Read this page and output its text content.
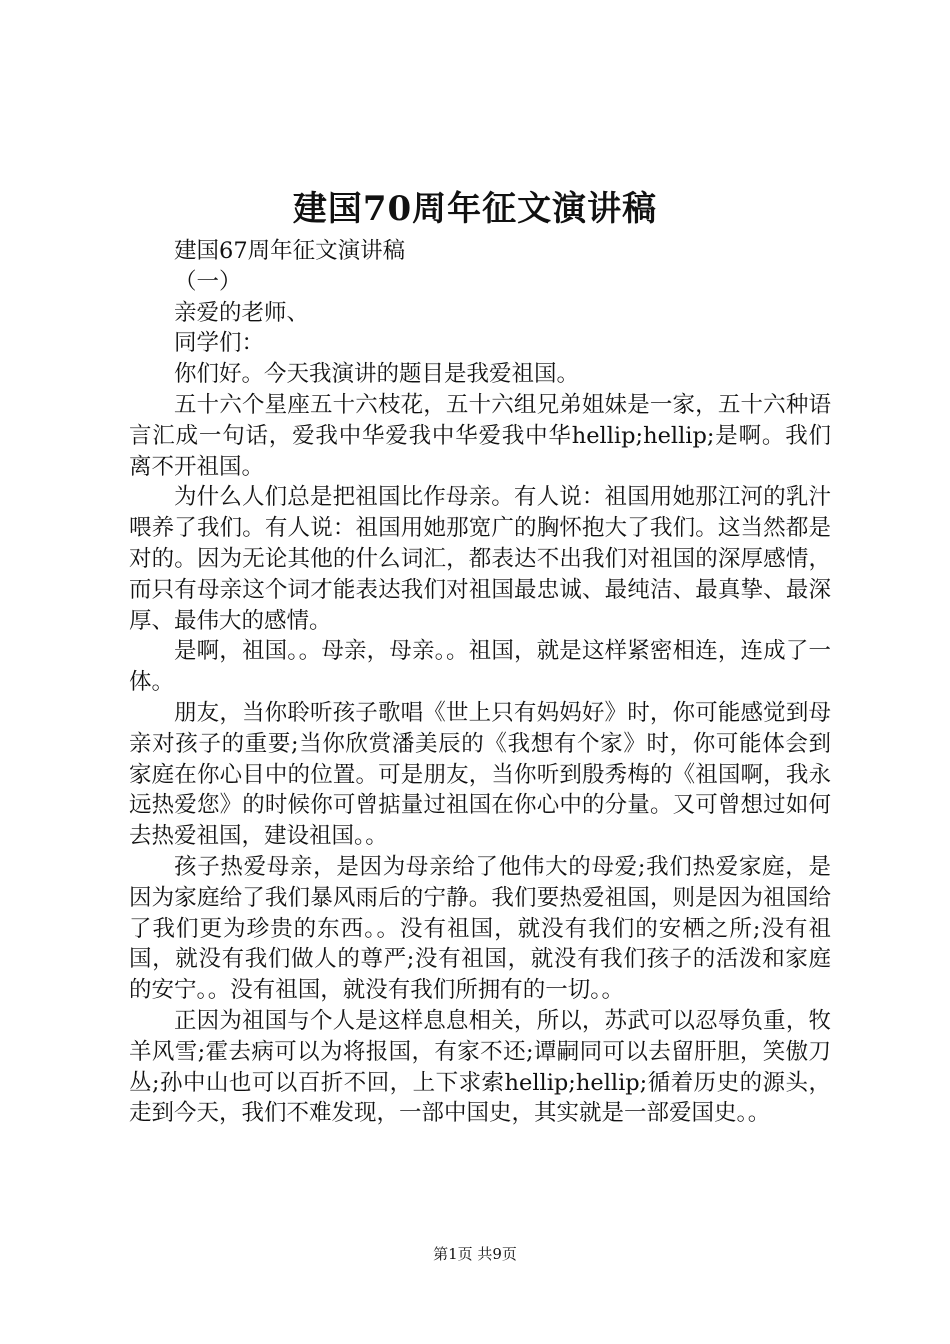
建国70周年征文演讲稿

建国67周年征文演讲稿

（一）

亲爱的老师、

同学们：

你们好。今天我演讲的题目是我爱祖国。

五十六个星座五十六枝花，五十六组兄弟姐妹是一家，五十六种语言汇成一句话，爱我中华爱我中华爱我中华hellip;hellip;是啊。我们离不开祖国。

为什么人们总是把祖国比作母亲。有人说：祖国用她那江河的乳汁喂养了我们。有人说：祖国用她那宽广的胸怀抱大了我们。这当然都是对的。因为无论其他的什么词汇，都表达不出我们对祖国的深厚感情，而只有母亲这个词才能表达我们对祖国最忠诚、最纯洁、最真挚、最深厚、最伟大的感情。

是啊，祖国。。母亲，母亲。。祖国，就是这样紧密相连，连成了一体。

朋友，当你聆听孩子歌唱《世上只有妈妈好》时，你可能感觉到母亲对孩子的重要;当你欣赏潘美辰的《我想有个家》时，你可能体会到家庭在你心目中的位置。可是朋友，当你听到殷秀梅的《祖国啊，我永远热爱您》的时候你可曾掂量过祖国在你心中的分量。又可曾想过如何去热爱祖国，建设祖国。。

孩子热爱母亲，是因为母亲给了他伟大的母爱;我们热爱家庭，是因为家庭给了我们暴风雨后的宁静。我们要热爱祖国，则是因为祖国给了我们更为珍贵的东西。。没有祖国，就没有我们的安栖之所;没有祖国，就没有我们做人的尊严;没有祖国，就没有我们孩子的活泼和家庭的安宁。。没有祖国，就没有我们所拥有的一切。。

正因为祖国与个人是这样息息相关，所以，苏武可以忍辱负重，牧羊风雪;霍去病可以为将报国，有家不还;谭嗣同可以去留肝胆，笑傲刀丛;孙中山也可以百折不回，上下求索hellip;hellip;循着历史的源头，走到今天，我们不难发现，一部中国史，其实就是一部爱国史。。

第1页 共9页
